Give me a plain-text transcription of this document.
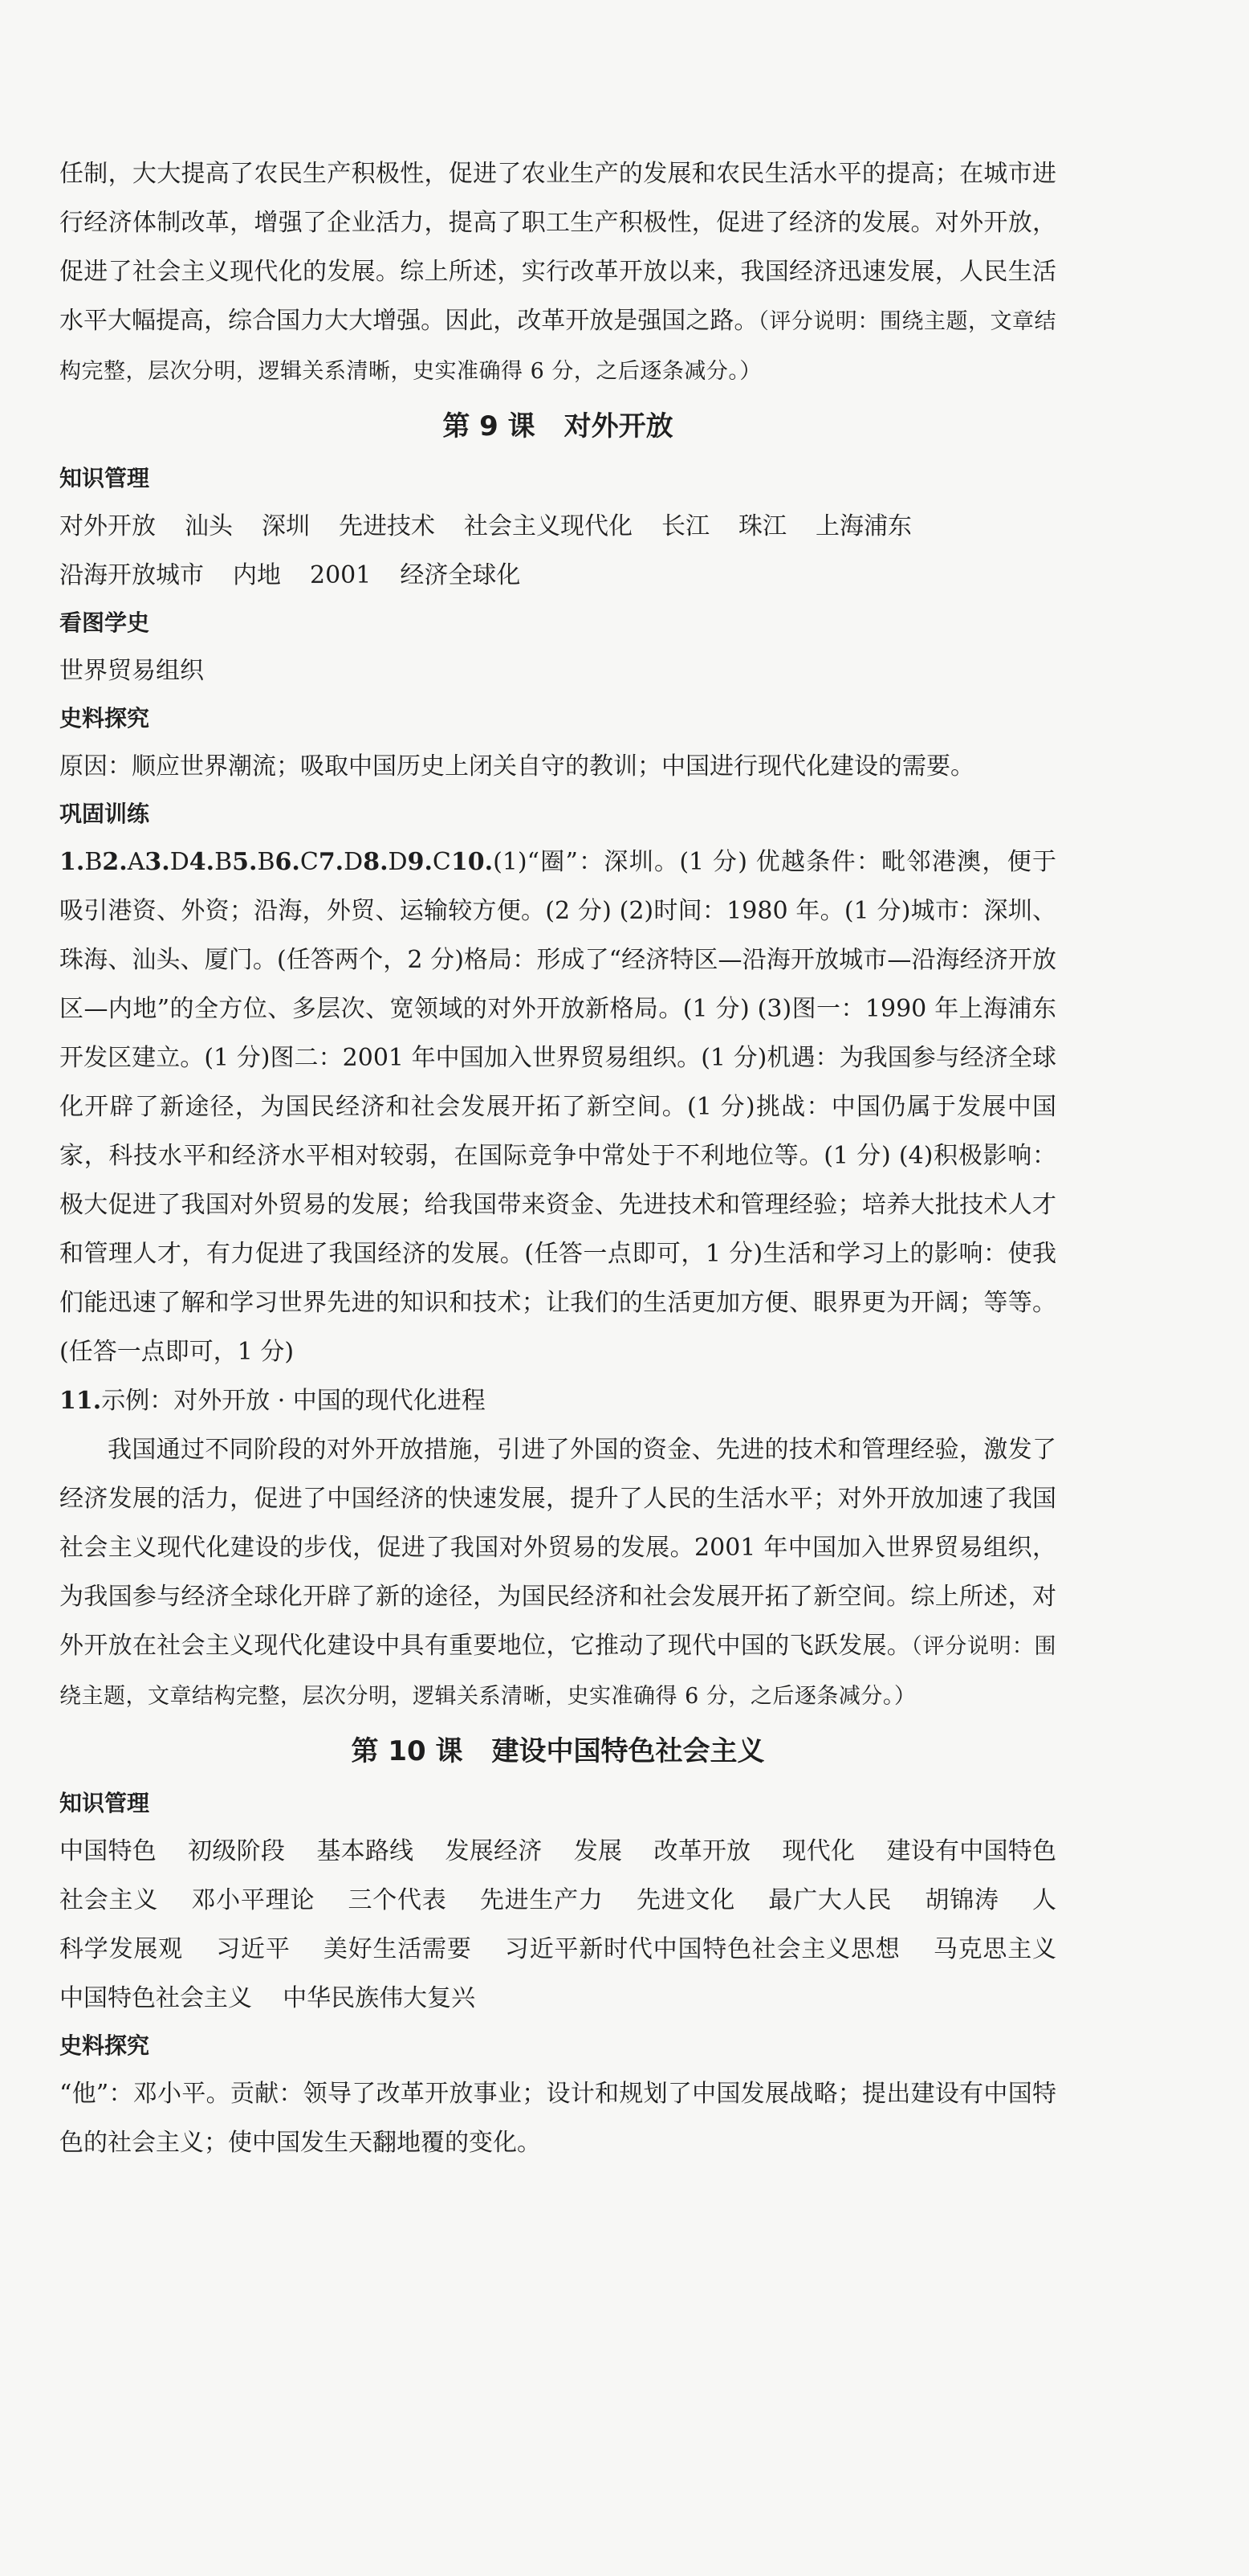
任制，大大提高了农民生产积极性，促进了农业生产的发展和农民生活水平的提高；在城市进行经济体制改革，增强了企业活力，提高了职工生产积极性，促进了经济的发展。对外开放，促进了社会主义现代化的发展。综上所述，实行改革开放以来，我国经济迅速发展，人民生活水平大幅提高，综合国力大大增强。因此，改革开放是强国之路。（评分说明：围绕主题，文章结构完整，层次分明，逻辑关系清晰，史实准确得 6 分，之后逐条减分。）

第 9 课 对外开放

知识管理

对外开放 汕头 深圳 先进技术 社会主义现代化 长江 珠江 上海浦东

沿海开放城市 内地 2001 经济全球化

看图学史

世界贸易组织

史料探究

原因：顺应世界潮流；吸取中国历史上闭关自守的教训；中国进行现代化建设的需要。

巩固训练

1.B2.A3.D4.B5.B6.C7.D8.D9.C10.(1)“圈”：深圳。(1 分) 优越条件：毗邻港澳，便于吸引港资、外资；沿海，外贸、运输较方便。(2 分) (2)时间：1980 年。(1 分)城市：深圳、珠海、汕头、厦门。(任答两个，2 分)格局：形成了“经济特区—沿海开放城市—沿海经济开放区—内地”的全方位、多层次、宽领域的对外开放新格局。(1 分) (3)图一：1990 年上海浦东开发区建立。(1 分)图二：2001 年中国加入世界贸易组织。(1 分)机遇：为我国参与经济全球化开辟了新途径，为国民经济和社会发展开拓了新空间。(1 分)挑战：中国仍属于发展中国家，科技水平和经济水平相对较弱，在国际竞争中常处于不利地位等。(1 分) (4)积极影响：极大促进了我国对外贸易的发展；给我国带来资金、先进技术和管理经验；培养大批技术人才和管理人才，有力促进了我国经济的发展。(任答一点即可，1 分)生活和学习上的影响：使我们能迅速了解和学习世界先进的知识和技术；让我们的生活更加方便、眼界更为开阔；等等。(任答一点即可，1 分)

11.示例：对外开放 · 中国的现代化进程

我国通过不同阶段的对外开放措施，引进了外国的资金、先进的技术和管理经验，激发了经济发展的活力，促进了中国经济的快速发展，提升了人民的生活水平；对外开放加速了我国社会主义现代化建设的步伐，促进了我国对外贸易的发展。2001 年中国加入世界贸易组织，为我国参与经济全球化开辟了新的途径，为国民经济和社会发展开拓了新空间。综上所述，对外开放在社会主义现代化建设中具有重要地位，它推动了现代中国的飞跃发展。（评分说明：围绕主题，文章结构完整，层次分明，逻辑关系清晰，史实准确得 6 分，之后逐条减分。）

第 10 课 建设中国特色社会主义

知识管理

中国特色    初级阶段    基本路线    发展经济    发展    改革开放    现代化    建设有中国特色社会主义    邓小平理论    三个代表    先进生产力    先进文化    最广大人民    胡锦涛    人    科学发展观    习近平    美好生活需要    习近平新时代中国特色社会主义思想    马克思主义    中国特色社会主义    中华民族伟大复兴

史料探究

“他”：邓小平。贡献：领导了改革开放事业；设计和规划了中国发展战略；提出建设有中国特色的社会主义；使中国发生天翻地覆的变化。
